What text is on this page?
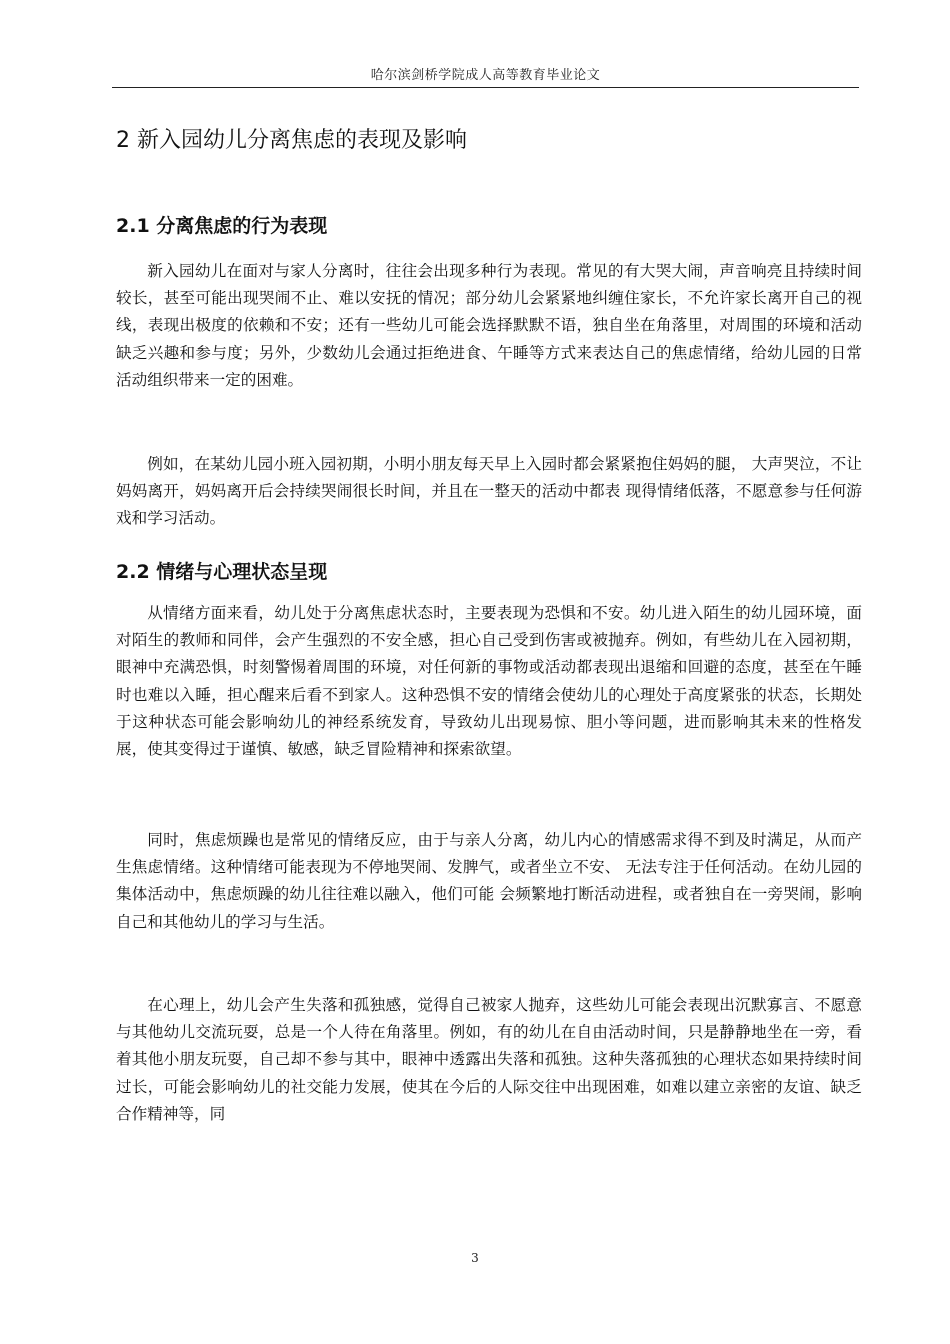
哈尔滨剑桥学院成人高等教育毕业论文
2 新入园幼儿分离焦虑的表现及影响
2.1 分离焦虑的行为表现

新入园幼儿在面对与家人分离时，往往会出现多种行为表现。常见的有大哭大闹，声音响亮且持续时间较长，甚至可能出现哭闹不止、难以安抚的情况；部分幼儿会紧紧地纠缠住家长，不允许家长离开自己的视线，表现出极度的依赖和不安；还有一些幼儿可能会选择默默不语，独自坐在角落里，对周围的环境和活动缺乏兴趣和参与度；另外，少数幼儿会通过拒绝进食、午睡等方式来表达自己的焦虑情绪，给幼儿园的日常活动组织带来一定的困难。

例如，在某幼儿园小班入园初期，小明小朋友每天早上入园时都会紧紧抱住妈妈的腿， 大声哭泣，不让妈妈离开，妈妈离开后会持续哭闹很长时间，并且在一整天的活动中都表 现得情绪低落，不愿意参与任何游戏和学习活动。

2.2 情绪与心理状态呈现

从情绪方面来看，幼儿处于分离焦虑状态时，主要表现为恐惧和不安。幼儿进入陌生的幼儿园环境，面对陌生的教师和同伴，会产生强烈的不安全感，担心自己受到伤害或被抛弃。例如，有些幼儿在入园初期，眼神中充满恐惧，时刻警惕着周围的环境，对任何新的事物或活动都表现出退缩和回避的态度，甚至在午睡时也难以入睡，担心醒来后看不到家人。这种恐惧不安的情绪会使幼儿的心理处于高度紧张的状态，长期处于这种状态可能会影响幼儿的神经系统发育，导致幼儿出现易惊、胆小等问题，进而影响其未来的性格发展，使其变得过于谨慎、敏感，缺乏冒险精神和探索欲望。

同时，焦虑烦躁也是常见的情绪反应，由于与亲人分离，幼儿内心的情感需求得不到及时满足，从而产生焦虑情绪。这种情绪可能表现为不停地哭闹、发脾气，或者坐立不安、 无法专注于任何活动。在幼儿园的集体活动中，焦虑烦躁的幼儿往往难以融入，他们可能 会频繁地打断活动进程，或者独自在一旁哭闹，影响自己和其他幼儿的学习与生活。

在心理上，幼儿会产生失落和孤独感，觉得自己被家人抛弃，这些幼儿可能会表现出沉默寡言、不愿意与其他幼儿交流玩耍，总是一个人待在角落里。例如，有的幼儿在自由活动时间，只是静静地坐在一旁，看着其他小朋友玩耍，自己却不参与其中，眼神中透露出失落和孤独。这种失落孤独的心理状态如果持续时间过长，可能会影响幼儿的社交能力发展，使其在今后的人际交往中出现困难，如难以建立亲密的友谊、缺乏合作精神等，同

3
